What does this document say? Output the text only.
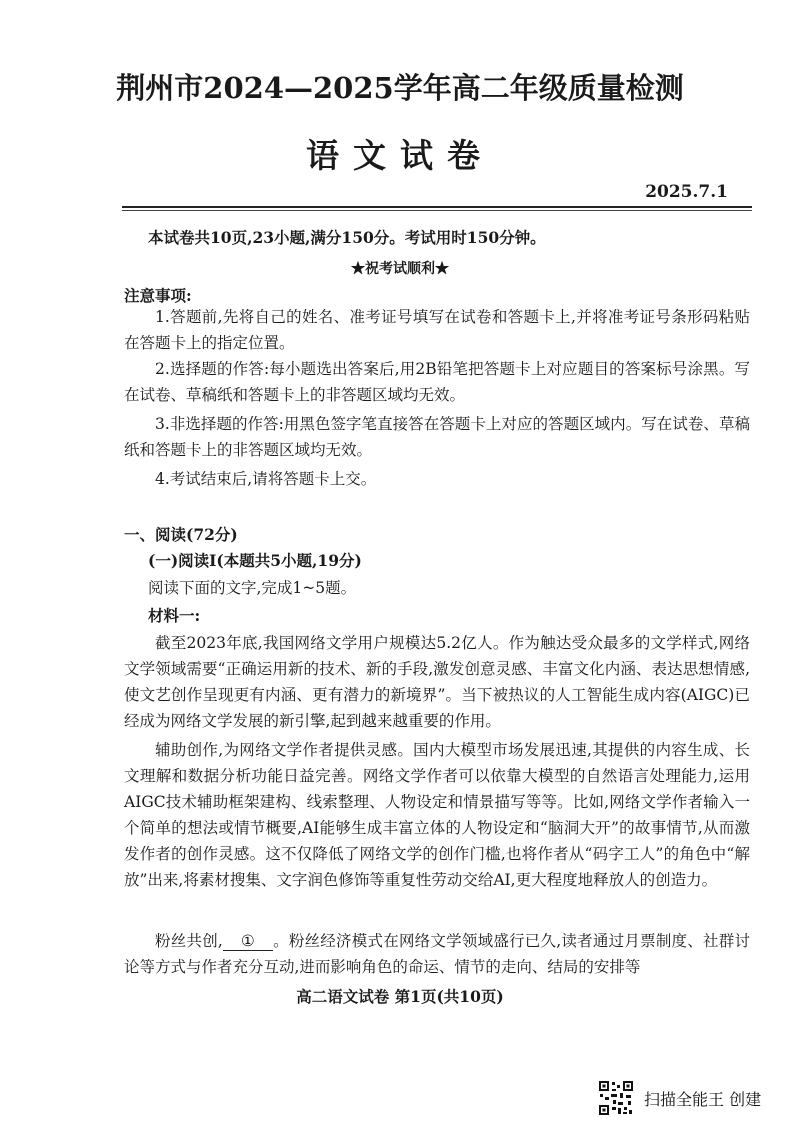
荆州市2024—2025学年高二年级质量检测
语文试卷
2025.7.1
本试卷共10页,23小题,满分150分。考试用时150分钟。
★祝考试顺利★
注意事项:

1.答题前,先将自己的姓名、准考证号填写在试卷和答题卡上,并将准考证号条形码粘贴在答题卡上的指定位置。

2.选择题的作答:每小题选出答案后,用2B铅笔把答题卡上对应题目的答案标号涂黑。写在试卷、草稿纸和答题卡上的非答题区域均无效。

3.非选择题的作答:用黑色签字笔直接答在答题卡上对应的答题区域内。写在试卷、草稿纸和答题卡上的非答题区域均无效。

4.考试结束后,请将答题卡上交。

一、阅读(72分)
(一)阅读Ⅰ(本题共5小题,19分)
阅读下面的文字,完成1~5题。
材料一:

截至2023年底,我国网络文学用户规模达5.2亿人。作为触达受众最多的文学样式,网络文学领域需要“正确运用新的技术、新的手段,激发创意灵感、丰富文化内涵、表达思想情感,使文艺创作呈现更有内涵、更有潜力的新境界”。当下被热议的人工智能生成内容(AIGC)已经成为网络文学发展的新引擎,起到越来越重要的作用。

辅助创作,为网络文学作者提供灵感。国内大模型市场发展迅速,其提供的内容生成、长文理解和数据分析功能日益完善。网络文学作者可以依靠大模型的自然语言处理能力,运用AIGC技术辅助框架建构、线索整理、人物设定和情景描写等等。比如,网络文学作者输入一个简单的想法或情节概要,AI能够生成丰富立体的人物设定和“脑洞大开”的故事情节,从而激发作者的创作灵感。这不仅降低了网络文学的创作门槛,也将作者从“码字工人”的角色中“解放”出来,将素材搜集、文字润色修饰等重复性劳动交给AI,更大程度地释放人的创造力。

粉丝共创, ① 。粉丝经济模式在网络文学领域盛行已久,读者通过月票制度、社群讨论等方式与作者充分互动,进而影响角色的命运、情节的走向、结局的安排等

高二语文试卷 第1页(共10页)
扫描全能王 创建
